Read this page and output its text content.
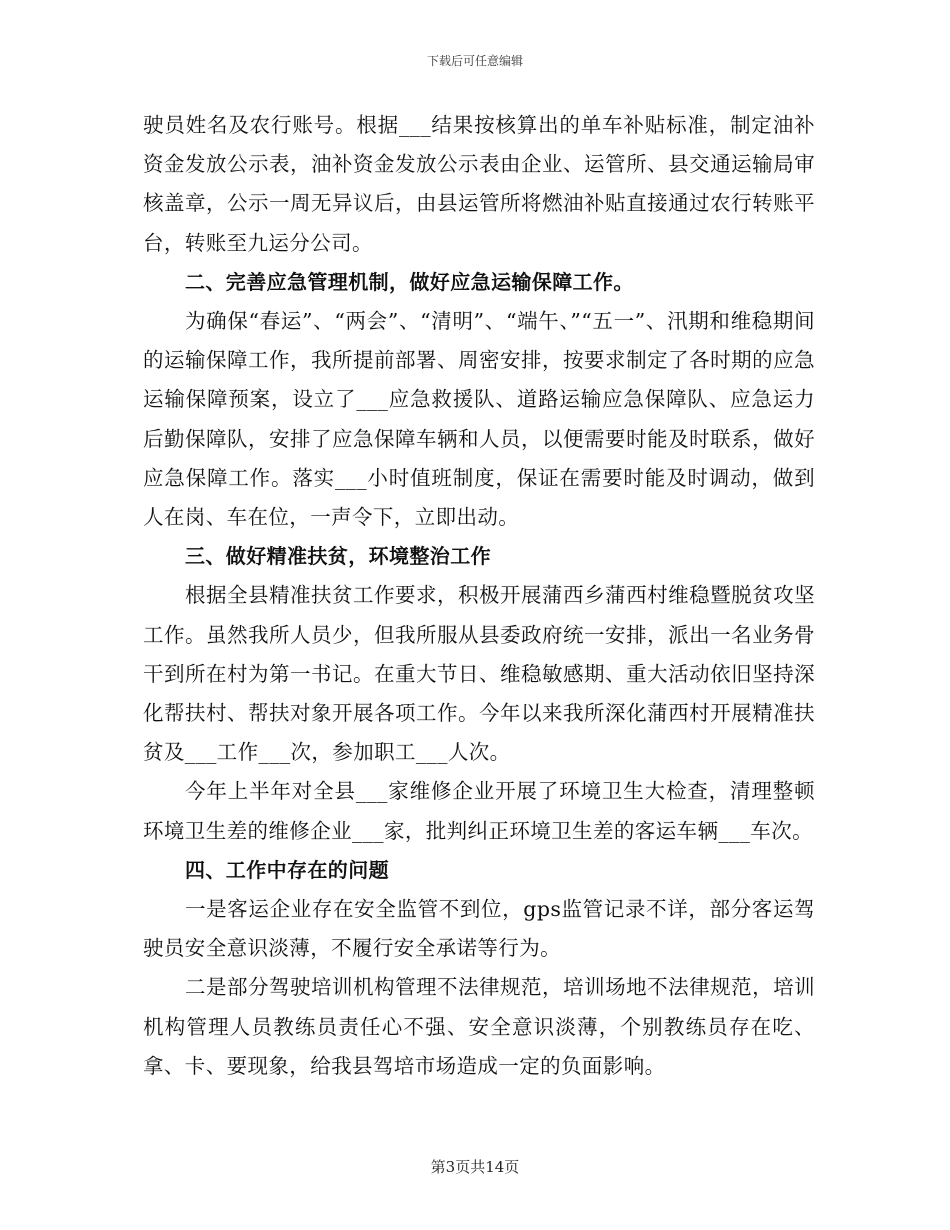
下载后可任意编辑

驶员姓名及农行账号。根据___结果按核算出的单车补贴标准，制定油补资金发放公示表，油补资金发放公示表由企业、运管所、县交通运输局审核盖章，公示一周无异议后，由县运管所将燃油补贴直接通过农行转账平台，转账至九运分公司。

二、完善应急管理机制，做好应急运输保障工作。

为确保“春运”、“两会”、“清明”、“端午、”“五一”、汛期和维稳期间的运输保障工作，我所提前部署、周密安排，按要求制定了各时期的应急运输保障预案，设立了___应急救援队、道路运输应急保障队、应急运力后勤保障队，安排了应急保障车辆和人员，以便需要时能及时联系，做好应急保障工作。落实___小时值班制度，保证在需要时能及时调动，做到人在岗、车在位，一声令下，立即出动。

三、做好精准扶贫，环境整治工作

根据全县精准扶贫工作要求，积极开展蒲西乡蒲西村维稳暨脱贫攻坚工作。虽然我所人员少，但我所服从县委政府统一安排，派出一名业务骨干到所在村为第一书记。在重大节日、维稳敏感期、重大活动依旧坚持深化帮扶村、帮扶对象开展各项工作。今年以来我所深化蒲西村开展精准扶贫及___工作___次，参加职工___人次。

今年上半年对全县___家维修企业开展了环境卫生大检查，清理整顿环境卫生差的维修企业___家，批判纠正环境卫生差的客运车辆___车次。

四、工作中存在的问题

一是客运企业存在安全监管不到位，gps监管记录不详，部分客运驾驶员安全意识淡薄，不履行安全承诺等行为。

二是部分驾驶培训机构管理不法律规范，培训场地不法律规范，培训机构管理人员教练员责任心不强、安全意识淡薄，个别教练员存在吃、拿、卡、要现象，给我县驾培市场造成一定的负面影响。

第3页共14页
